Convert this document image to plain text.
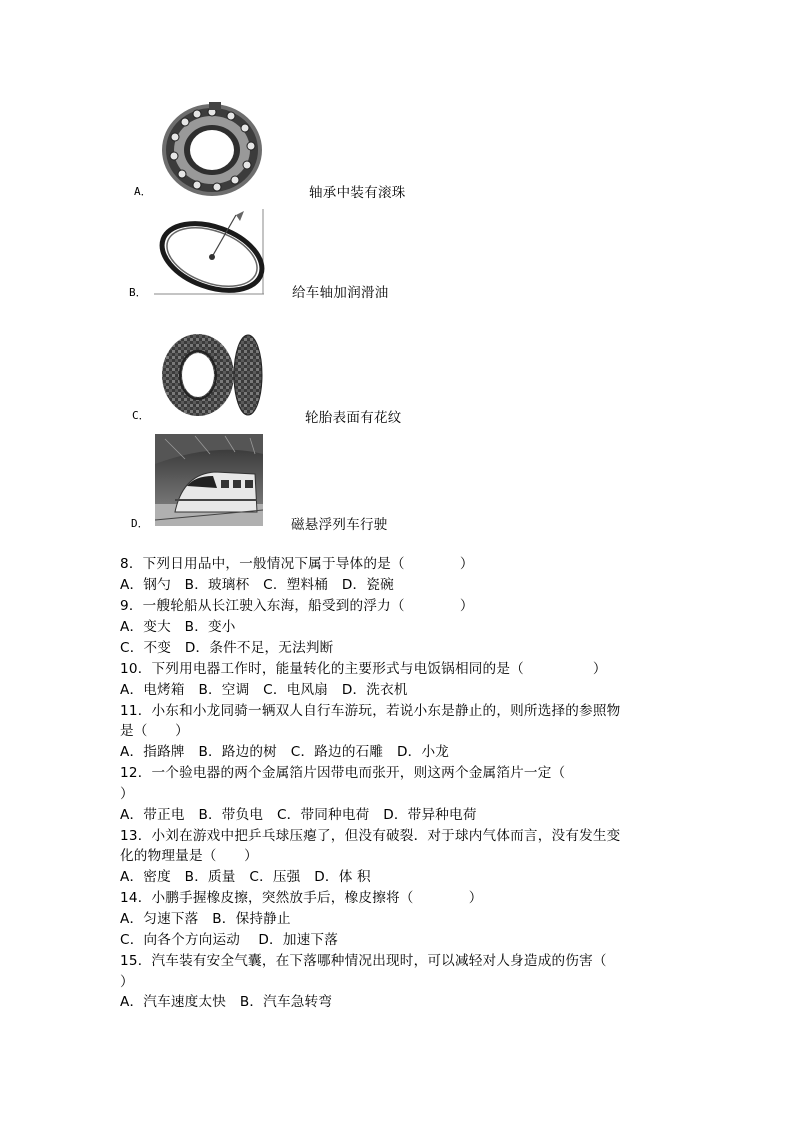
A．	轴承中装有滚珠
B．	给车轴加润滑油
C．	轮胎表面有花纹
D．	磁悬浮列车行驶
8．下列日用品中，一般情况下属于导体的是（　　　　）
A．钢勺　B．玻璃杯　C．塑料桶　D．瓷碗
9．一艘轮船从长江驶入东海，船受到的浮力（　　　　）
A．变大　B．变小
C．不变　D．条件不足，无法判断
10．下列用电器工作时，能量转化的主要形式与电饭锅相同的是（　　　　　）
A．电烤箱　B．空调　C．电风扇　D．洗衣机
11．小东和小龙同骑一辆双人自行车游玩，若说小东是静止的，则所选择的参照物
是（　　）
A．指路牌　B．路边的树　C．路边的石雕　D．小龙
12．一个验电器的两个金属箔片因带电而张开，则这两个金属箔片一定（
）
A．带正电　B．带负电　C．带同种电荷　D．带异种电荷
13．小刘在游戏中把乒乓球压瘪了，但没有破裂．对于球内气体而言，没有发生变
化的物理量是（　　）
A．密度　B．质量　C．压强　D．体 积
14．小鹏手握橡皮擦，突然放手后，橡皮擦将（　　　　）
A．匀速下落　B．保持静止
C．向各个方向运动　 D．加速下落
15．汽车装有安全气囊，在下落哪种情况出现时，可以减轻对人身造成的伤害（
）
A．汽车速度太快　B．汽车急转弯
